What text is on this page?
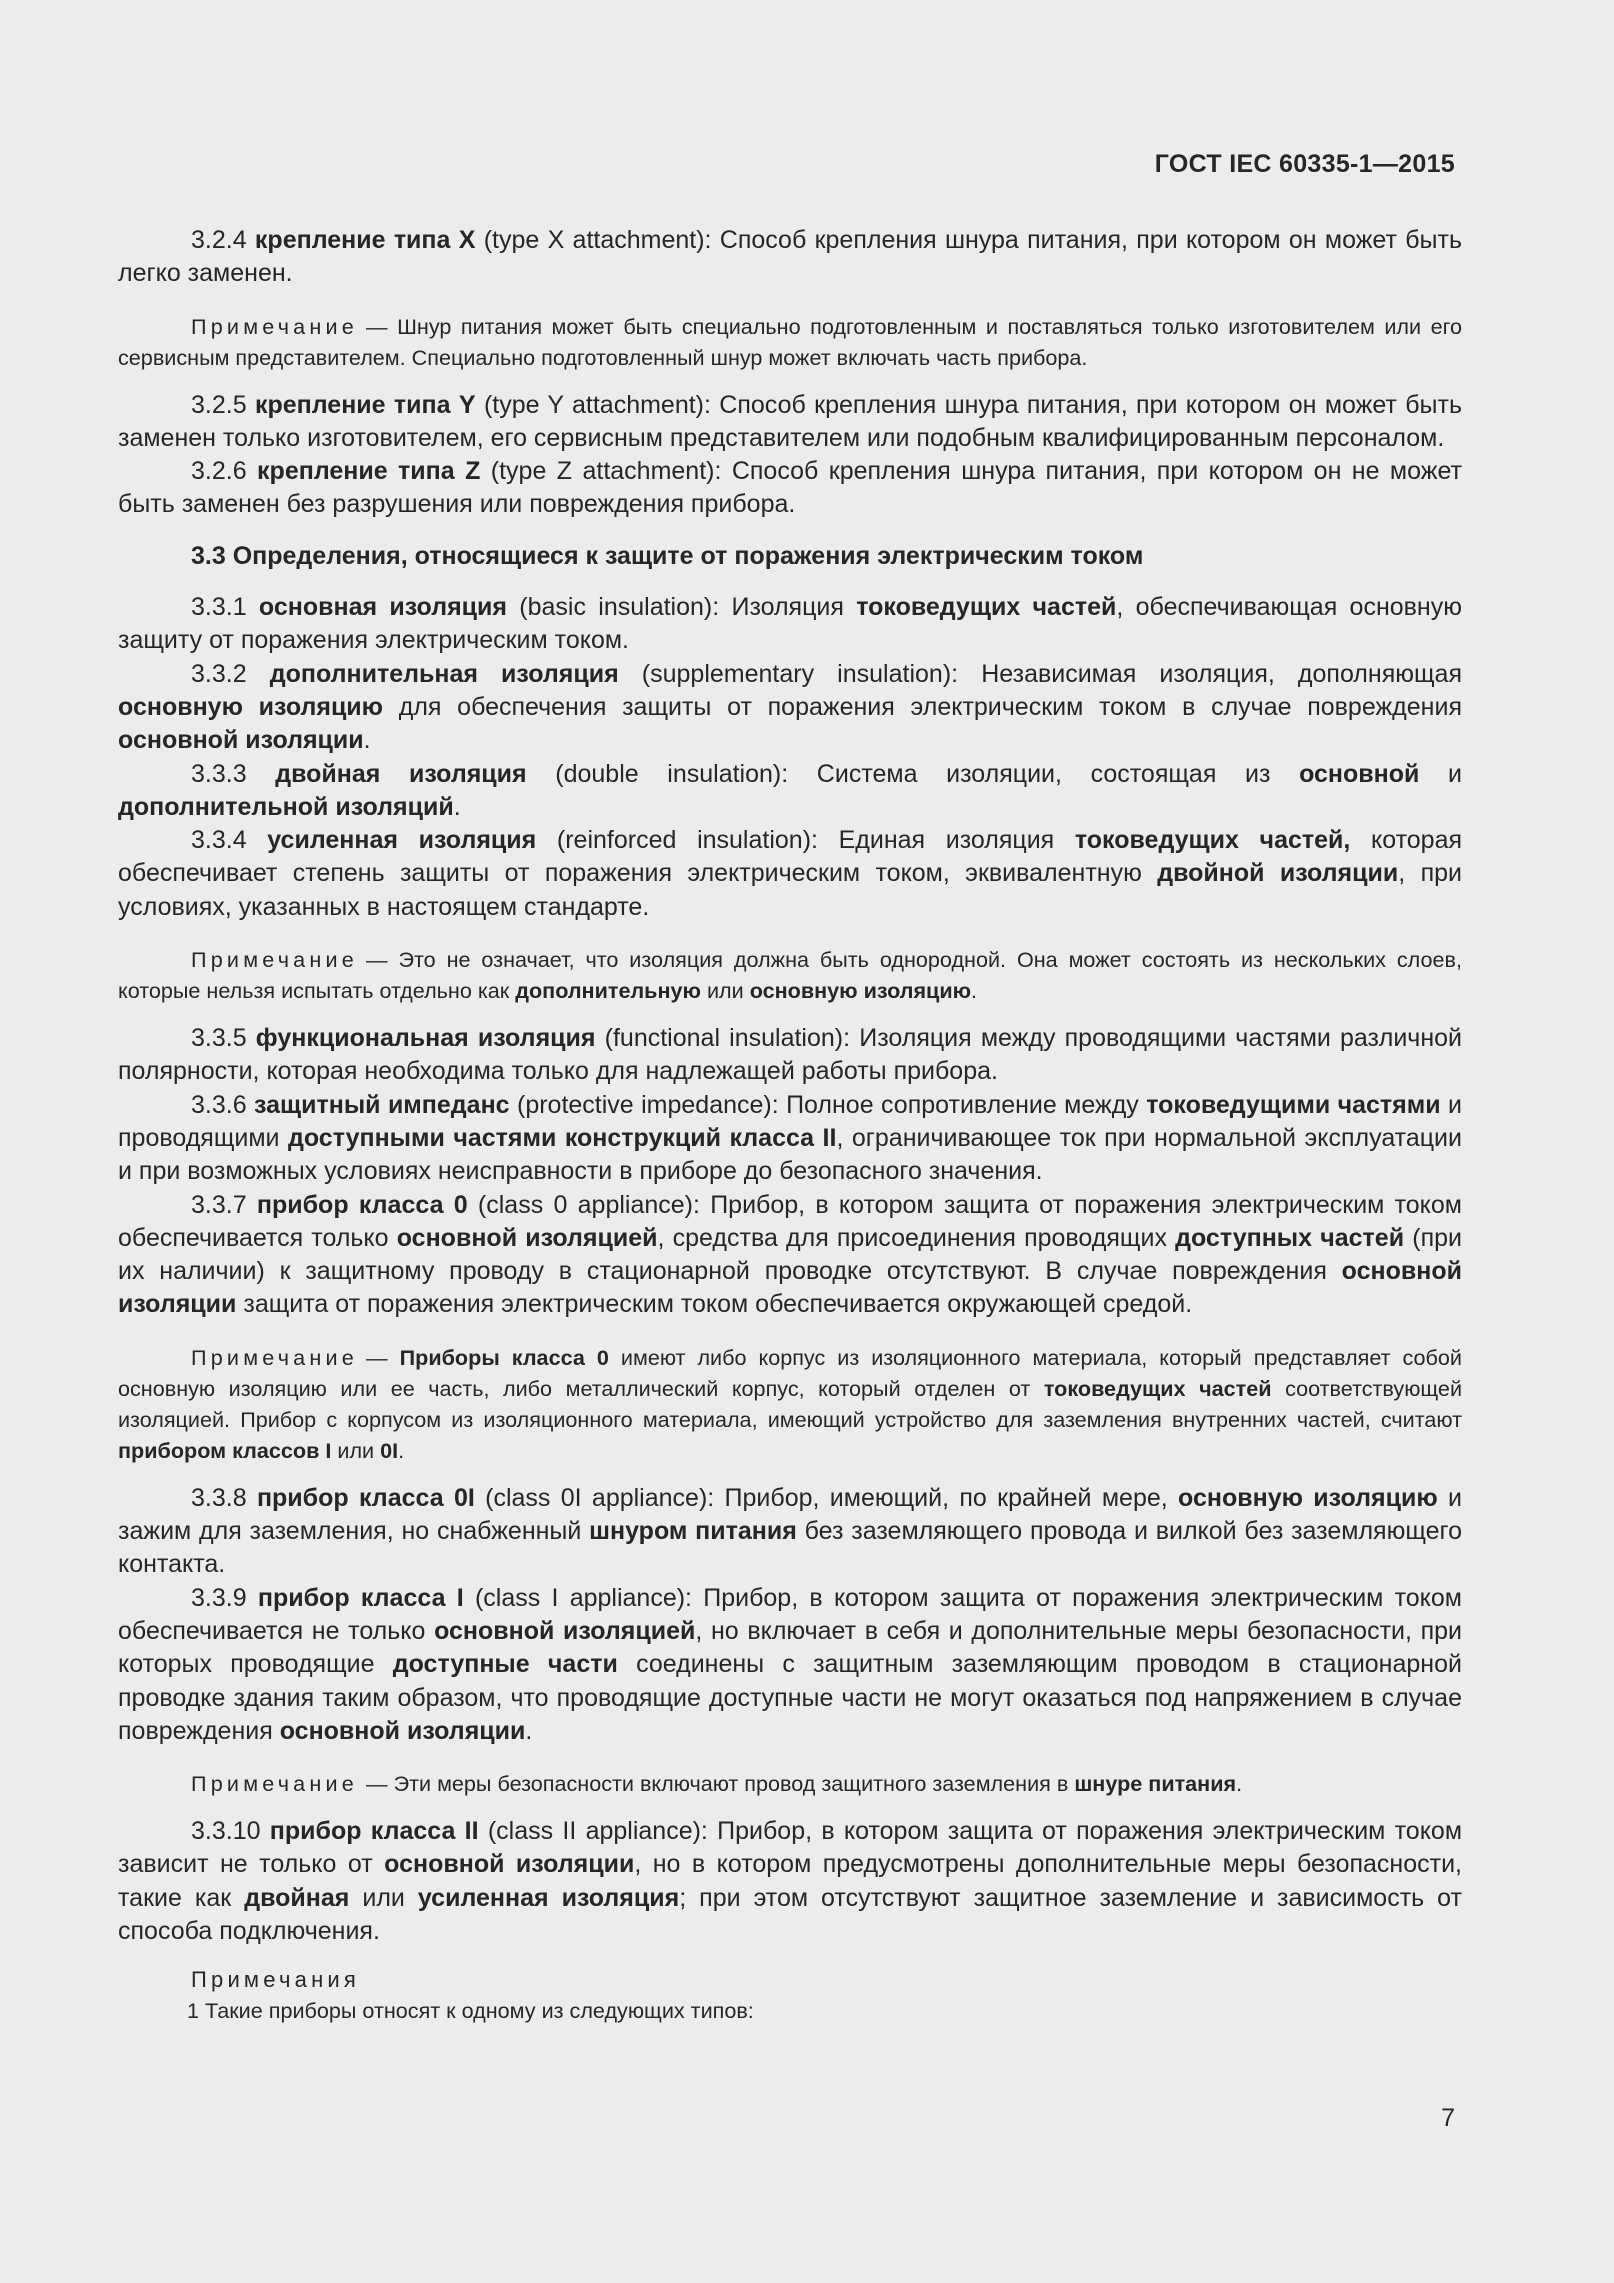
ГОСТ IEC 60335-1—2015
3.2.4 крепление типа X (type X attachment): Способ крепления шнура питания, при котором он может быть легко заменен.
Примечание — Шнур питания может быть специально подготовленным и поставляться только изготовителем или его сервисным представителем. Специально подготовленный шнур может включать часть прибора.
3.2.5 крепление типа Y (type Y attachment): Способ крепления шнура питания, при котором он может быть заменен только изготовителем, его сервисным представителем или подобным квалифицированным персоналом.
3.2.6 крепление типа Z (type Z attachment): Способ крепления шнура питания, при котором он не может быть заменен без разрушения или повреждения прибора.
3.3 Определения, относящиеся к защите от поражения электрическим током
3.3.1 основная изоляция (basic insulation): Изоляция токоведущих частей, обеспечивающая основную защиту от поражения электрическим током.
3.3.2 дополнительная изоляция (supplementary insulation): Независимая изоляция, дополняющая основную изоляцию для обеспечения защиты от поражения электрическим током в случае повреждения основной изоляции.
3.3.3 двойная изоляция (double insulation): Система изоляции, состоящая из основной и дополнительной изоляций.
3.3.4 усиленная изоляция (reinforced insulation): Единая изоляция токоведущих частей, которая обеспечивает степень защиты от поражения электрическим током, эквивалентную двойной изоляции, при условиях, указанных в настоящем стандарте.
Примечание — Это не означает, что изоляция должна быть однородной. Она может состоять из нескольких слоев, которые нельзя испытать отдельно как дополнительную или основную изоляцию.
3.3.5 функциональная изоляция (functional insulation): Изоляция между проводящими частями различной полярности, которая необходима только для надлежащей работы прибора.
3.3.6 защитный импеданс (protective impedance): Полное сопротивление между токоведущими частями и проводящими доступными частями конструкций класса II, ограничивающее ток при нормальной эксплуатации и при возможных условиях неисправности в приборе до безопасного значения.
3.3.7 прибор класса 0 (class 0 appliance): Прибор, в котором защита от поражения электрическим током обеспечивается только основной изоляцией, средства для присоединения проводящих доступных частей (при их наличии) к защитному проводу в стационарной проводке отсутствуют. В случае повреждения основной изоляции защита от поражения электрическим током обеспечивается окружающей средой.
Примечание — Приборы класса 0 имеют либо корпус из изоляционного материала, который представляет собой основную изоляцию или ее часть, либо металлический корпус, который отделен от токоведущих частей соответствующей изоляцией. Прибор с корпусом из изоляционного материала, имеющий устройство для заземления внутренних частей, считают прибором классов I или 0I.
3.3.8 прибор класса 0I (class 0I appliance): Прибор, имеющий, по крайней мере, основную изоляцию и зажим для заземления, но снабженный шнуром питания без заземляющего провода и вилкой без заземляющего контакта.
3.3.9 прибор класса I (class I appliance): Прибор, в котором защита от поражения электрическим током обеспечивается не только основной изоляцией, но включает в себя и дополнительные меры безопасности, при которых проводящие доступные части соединены с защитным заземляющим проводом в стационарной проводке здания таким образом, что проводящие доступные части не могут оказаться под напряжением в случае повреждения основной изоляции.
Примечание — Эти меры безопасности включают провод защитного заземления в шнуре питания.
3.3.10 прибор класса II (class II appliance): Прибор, в котором защита от поражения электрическим током зависит не только от основной изоляции, но в котором предусмотрены дополнительные меры безопасности, такие как двойная или усиленная изоляция; при этом отсутствуют защитное заземление и зависимость от способа подключения.
Примечания
1 Такие приборы относят к одному из следующих типов:
7
